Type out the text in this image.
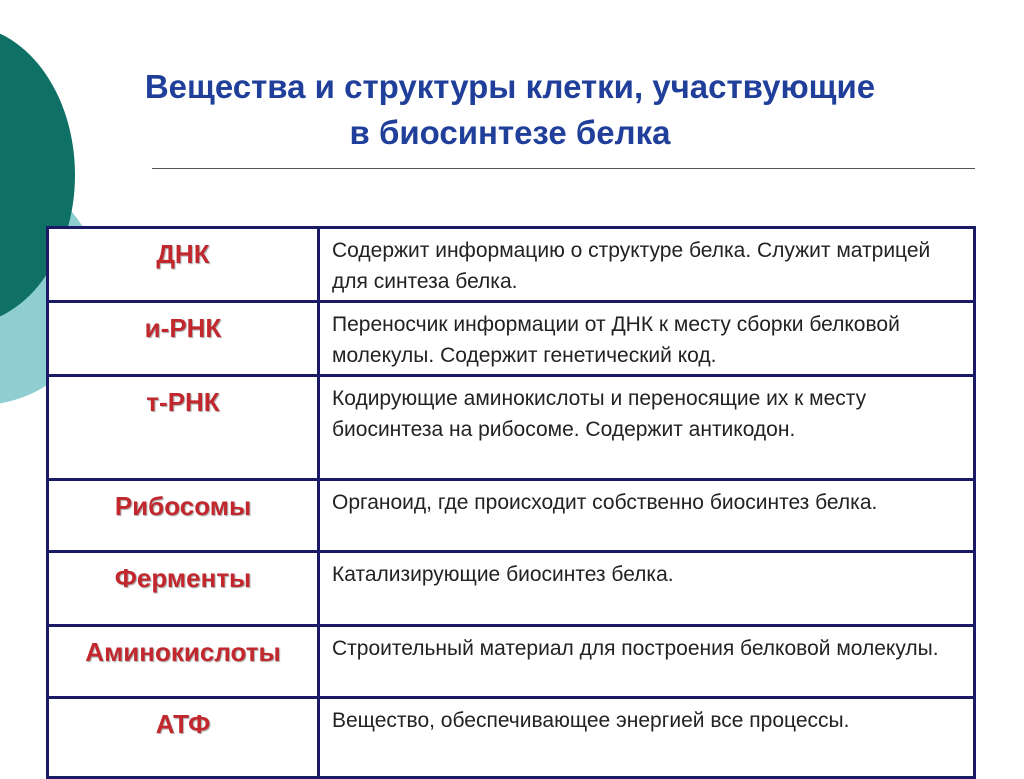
Вещества и структуры клетки, участвующие
в биосинтезе белка
ДНК	Содержит информацию о структуре белка. Служит матрицей для синтеза белка.
и-РНК	Переносчик информации от ДНК к месту сборки белковой молекулы. Содержит генетический код.
т-РНК	Кодирующие аминокислоты и переносящие их к месту биосинтеза на рибосоме. Содержит антикодон.
Рибосомы	Органоид, где происходит собственно биосинтез белка.
Ферменты	Катализирующие биосинтез белка.
Аминокислоты	Строительный материал для построения белковой молекулы.
АТФ	Вещество, обеспечивающее энергией все процессы.
